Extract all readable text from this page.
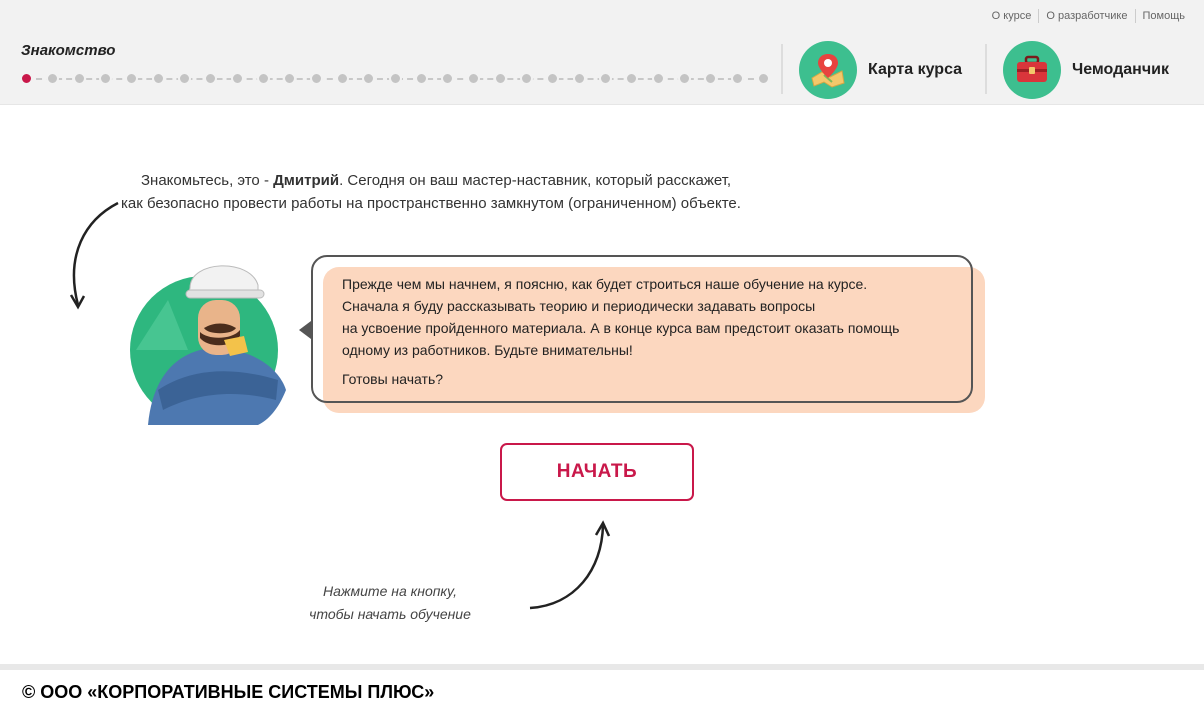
О курсе	О разработчике	Помощь
Знакомство
Карта курса	Чемоданчик
Знакомьтесь, это - Дмитрий. Сегодня он ваш мастер-наставник, который расскажет,
как безопасно провести работы на пространственно замкнутом (ограниченном) объекте.
Прежде чем мы начнем, я поясню, как будет строиться наше обучение на курсе.
Сначала я буду рассказывать теорию и периодически задавать вопросы
на усвоение пройденного материала. А в конце курса вам предстоит оказать помощь
одному из работников. Будьте внимательны!
Готовы начать?
НАЧАТЬ
Нажмите на кнопку,
чтобы начать обучение
© ООО «КОРПОРАТИВНЫЕ СИСТЕМЫ ПЛЮС»
